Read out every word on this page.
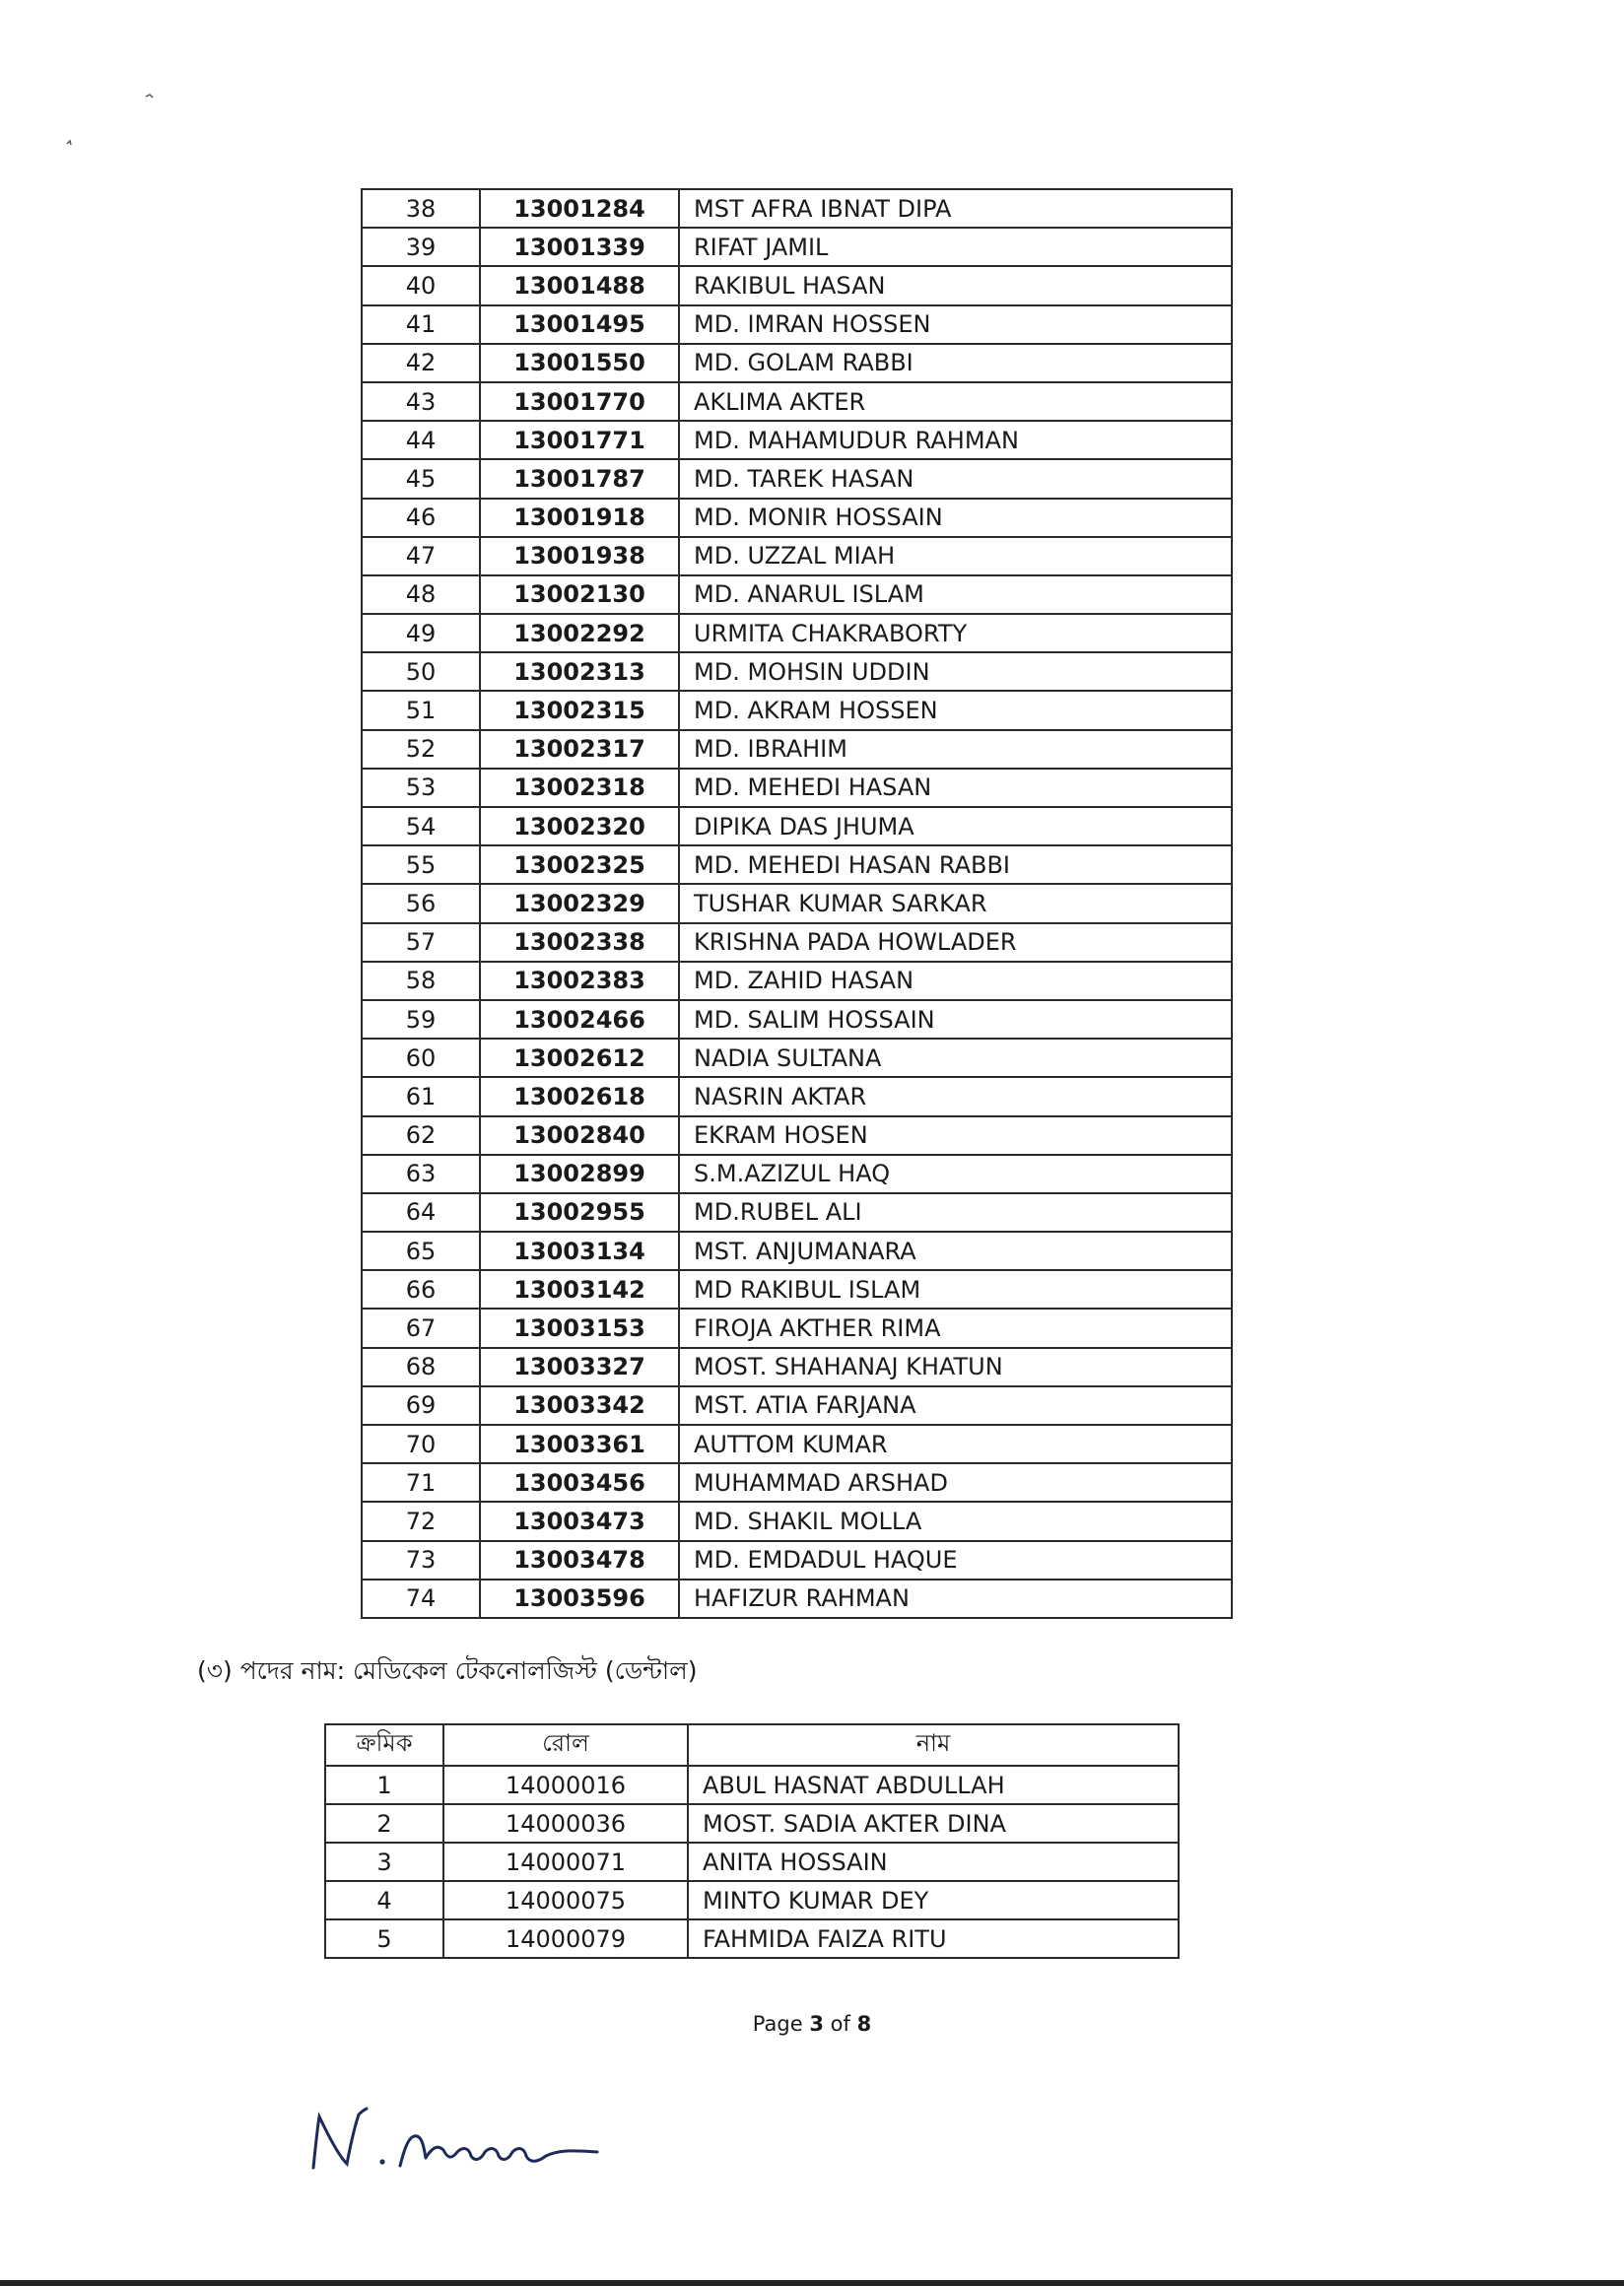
38	13001284	MST AFRA IBNAT DIPA
39	13001339	RIFAT JAMIL
40	13001488	RAKIBUL HASAN
41	13001495	MD. IMRAN HOSSEN
42	13001550	MD. GOLAM RABBI
43	13001770	AKLIMA AKTER
44	13001771	MD. MAHAMUDUR RAHMAN
45	13001787	MD. TAREK HASAN
46	13001918	MD. MONIR HOSSAIN
47	13001938	MD. UZZAL MIAH
48	13002130	MD. ANARUL ISLAM
49	13002292	URMITA CHAKRABORTY
50	13002313	MD. MOHSIN UDDIN
51	13002315	MD. AKRAM HOSSEN
52	13002317	MD. IBRAHIM
53	13002318	MD. MEHEDI HASAN
54	13002320	DIPIKA DAS JHUMA
55	13002325	MD. MEHEDI HASAN RABBI
56	13002329	TUSHAR KUMAR SARKAR
57	13002338	KRISHNA PADA HOWLADER
58	13002383	MD. ZAHID HASAN
59	13002466	MD. SALIM HOSSAIN
60	13002612	NADIA SULTANA
61	13002618	NASRIN AKTAR
62	13002840	EKRAM HOSEN
63	13002899	S.M.AZIZUL HAQ
64	13002955	MD.RUBEL ALI
65	13003134	MST. ANJUMANARA
66	13003142	MD RAKIBUL ISLAM
67	13003153	FIROJA AKTHER RIMA
68	13003327	MOST. SHAHANAJ KHATUN
69	13003342	MST. ATIA FARJANA
70	13003361	AUTTOM KUMAR
71	13003456	MUHAMMAD ARSHAD
72	13003473	MD. SHAKIL MOLLA
73	13003478	MD. EMDADUL HAQUE
74	13003596	HAFIZUR RAHMAN
(৩) পদের নাম: মেডিকেল টেকনোলজিস্ট (ডেন্টাল)
ক্রমিক	রোল	নাম
1	14000016	ABUL HASNAT ABDULLAH
2	14000036	MOST. SADIA AKTER DINA
3	14000071	ANITA HOSSAIN
4	14000075	MINTO KUMAR DEY
5	14000079	FAHMIDA FAIZA RITU
Page 3 of 8
